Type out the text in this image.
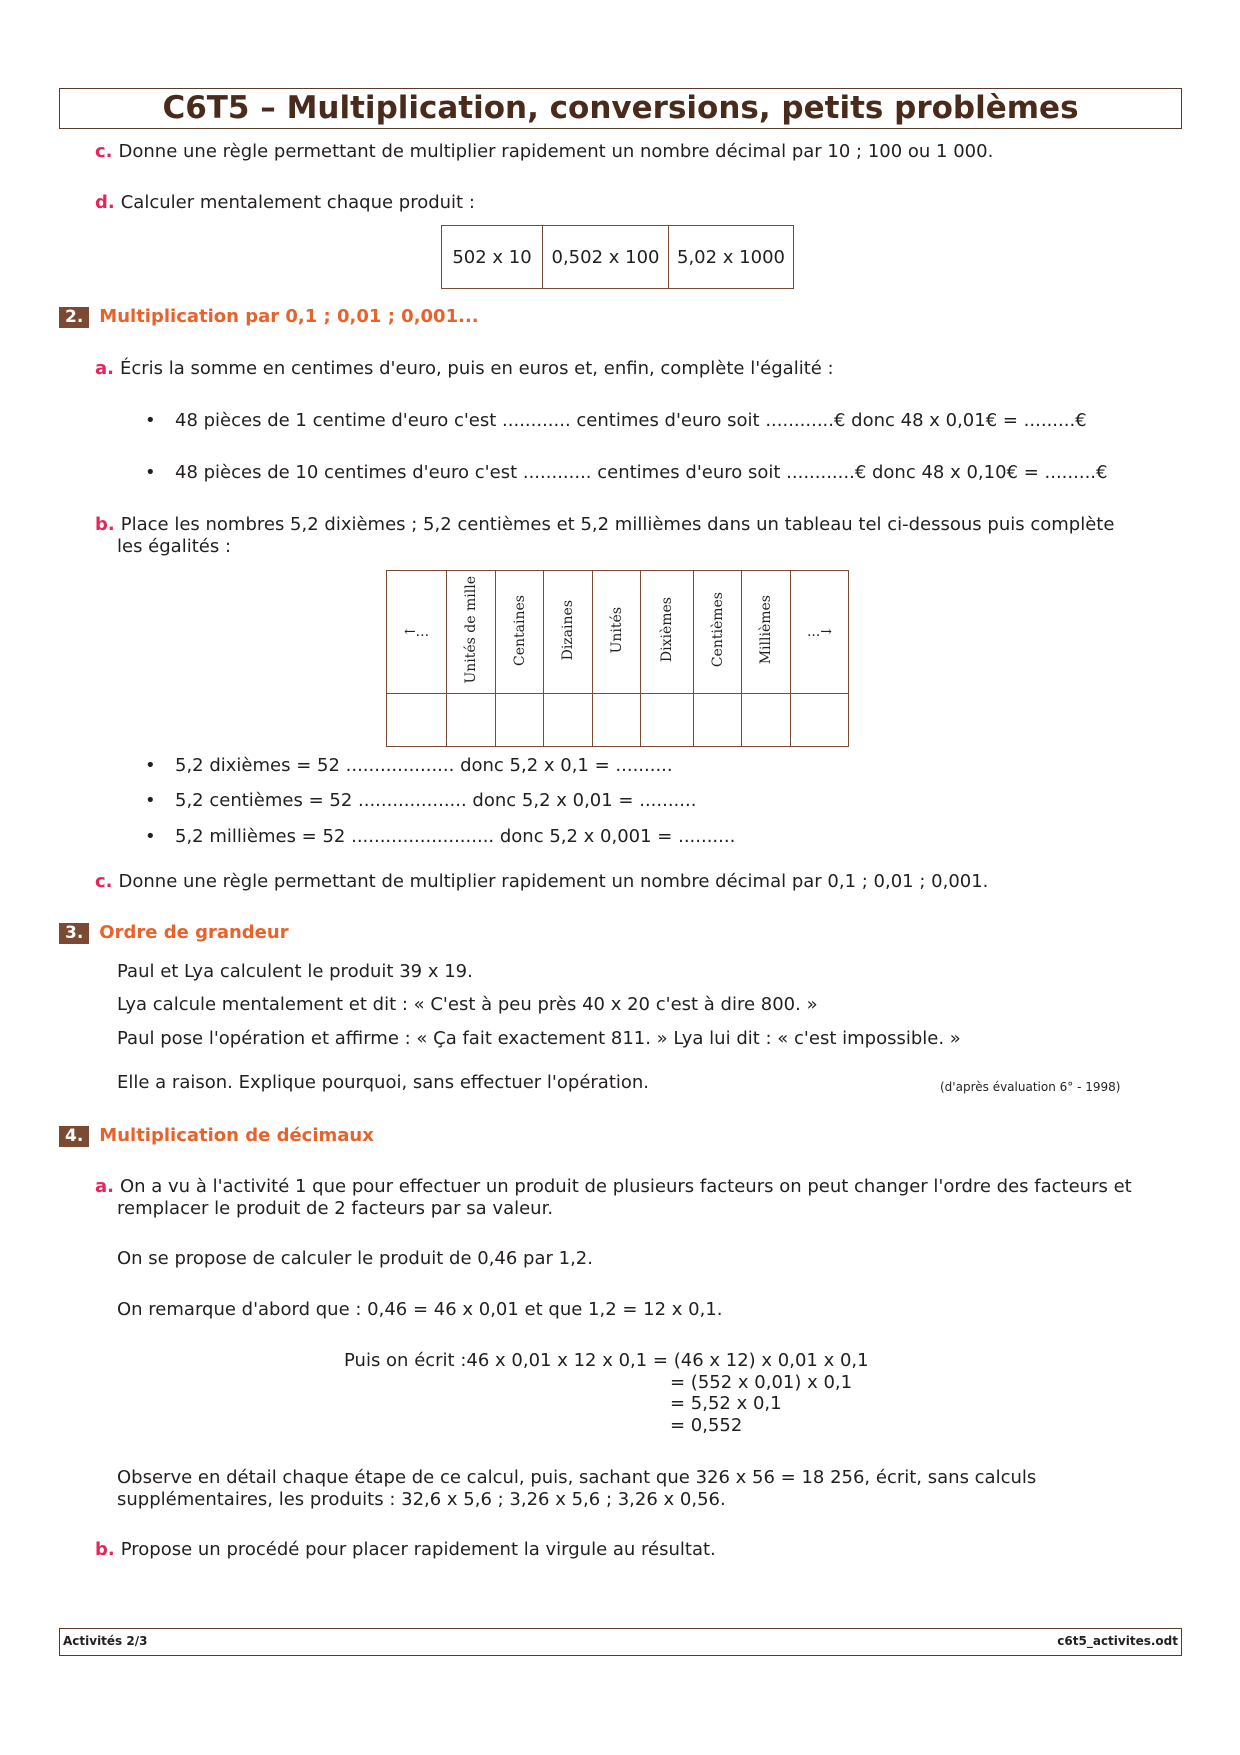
C6T5 – Multiplication, conversions, petits problèmes
c. Donne une règle permettant de multiplier rapidement un nombre décimal par 10 ; 100 ou 1 000.
d. Calculer mentalement chaque produit :
502 x 10	0,502 x 100	5,02 x 1000
2. Multiplication par 0,1 ; 0,01 ; 0,001...
a. Écris la somme en centimes d'euro, puis en euros et, enfin, complète l'égalité :
• 48 pièces de 1 centime d'euro c'est ............ centimes d'euro soit ............€ donc 48 x 0,01€ = .........€
• 48 pièces de 10 centimes d'euro c'est ............ centimes d'euro soit ............€ donc 48 x 0,10€ = .........€
b. Place les nombres 5,2 dixièmes ; 5,2 centièmes et 5,2 millièmes dans un tableau tel ci-dessous puis complète
les égalités :
←...	Unités de mille	Centaines	Dizaines	Unités	Dixièmes	Centièmes	Millièmes	...→

• 5,2 dixièmes = 52 ................... donc 5,2 x 0,1 = ..........
• 5,2 centièmes = 52 ................... donc 5,2 x 0,01 = ..........
• 5,2 millièmes = 52 ......................... donc 5,2 x 0,001 = ..........
c. Donne une règle permettant de multiplier rapidement un nombre décimal par 0,1 ; 0,01 ; 0,001.
3. Ordre de grandeur
Paul et Lya calculent le produit 39 x 19.
Lya calcule mentalement et dit : « C'est à peu près 40 x 20 c'est à dire 800. »
Paul pose l'opération et affirme : « Ça fait exactement 811. » Lya lui dit : « c'est impossible. »
Elle a raison. Explique pourquoi, sans effectuer l'opération.	(d'après évaluation 6° - 1998)
4. Multiplication de décimaux
a. On a vu à l'activité 1 que pour effectuer un produit de plusieurs facteurs on peut changer l'ordre des facteurs et
remplacer le produit de 2 facteurs par sa valeur.
On se propose de calculer le produit de 0,46 par 1,2.
On remarque d'abord que : 0,46 = 46 x 0,01 et que 1,2 = 12 x 0,1.
Puis on écrit :46 x 0,01 x 12 x 0,1 = (46 x 12) x 0,01 x 0,1
= (552 x 0,01) x 0,1
= 5,52 x 0,1
= 0,552
Observe en détail chaque étape de ce calcul, puis, sachant que 326 x 56 = 18 256, écrit, sans calculs
supplémentaires, les produits : 32,6 x 5,6 ; 3,26 x 5,6 ; 3,26 x 0,56.
b. Propose un procédé pour placer rapidement la virgule au résultat.
Activités 2/3	c6t5_activites.odt
